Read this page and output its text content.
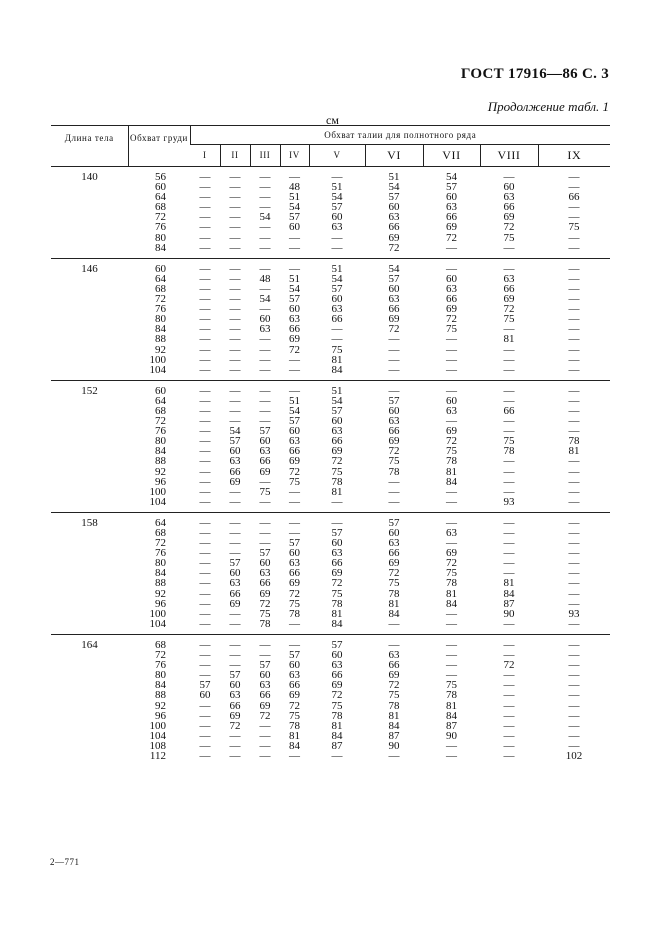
ГОСТ 17916—86 С. 3
Продолжение табл. 1
см
Длина тела	Обхват груди	Обхват талии для полнотного ряда								
		I	II	III	IV	V	VI	VII	VIII	IX
140	56	—	—	—	—	—	51	54	—	—
	60	—	—	—	48	51	54	57	60	—
	64	—	—	—	51	54	57	60	63	66
	68	—	—	—	54	57	60	63	66	—
	72	—	—	54	57	60	63	66	69	—
	76	—	—	—	60	63	66	69	72	75
	80	—	—	—	—	—	69	72	75	—
	84	—	—	—	—	—	72	—	—	—
146	60	—	—	—	—	51	54	—	—	—
	64	—	—	48	51	54	57	60	63	—
	68	—	—	—	54	57	60	63	66	—
	72	—	—	54	57	60	63	66	69	—
	76	—	—	—	60	63	66	69	72	—
	80	—	—	60	63	66	69	72	75	—
	84	—	—	63	66	—	72	75	—	—
	88	—	—	—	69	—	—	—	81	—
	92	—	—	—	72	75	—	—	—	—
	100	—	—	—	—	81	—	—	—	—
	104	—	—	—	—	84	—	—	—	—
152	60	—	—	—	—	51	—	—	—	—
	64	—	—	—	51	54	57	60	—	—
	68	—	—	—	54	57	60	63	66	—
	72	—	—	—	57	60	63	—	—	—
	76	—	54	57	60	63	66	69	—	—
	80	—	57	60	63	66	69	72	75	78
	84	—	60	63	66	69	72	75	78	81
	88	—	63	66	69	72	75	78	—	—
	92	—	66	69	72	75	78	81	—	—
	96	—	69	—	75	78	—	84	—	—
	100	—	—	75	—	81	—	—	—	—
	104	—	—	—	—	—	—	—	93	—
158	64	—	—	—	—	—	57	—	—	—
	68	—	—	—	—	57	60	63	—	—
	72	—	—	—	57	60	63	—	—	—
	76	—	—	57	60	63	66	69	—	—
	80	—	57	60	63	66	69	72	—	—
	84	—	60	63	66	69	72	75	—	—
	88	—	63	66	69	72	75	78	81	—
	92	—	66	69	72	75	78	81	84	—
	96	—	69	72	75	78	81	84	87	—
	100	—	—	75	78	81	84	—	90	93
	104	—	—	78	—	84	—	—	—	—
164	68	—	—	—	—	57	—	—	—	—
	72	—	—	—	57	60	63	—	—	—
	76	—	—	57	60	63	66	—	72	—
	80	—	57	60	63	66	69	—	—	—
	84	57	60	63	66	69	72	75	—	—
	88	60	63	66	69	72	75	78	—	—
	92	—	66	69	72	75	78	81	—	—
	96	—	69	72	75	78	81	84	—	—
	100	—	72	—	78	81	84	87	—	—
	104	—	—	—	81	84	87	90	—	—
	108	—	—	—	84	87	90	—	—	—
	112	—	—	—	—	—	—	—	—	102
2—771
